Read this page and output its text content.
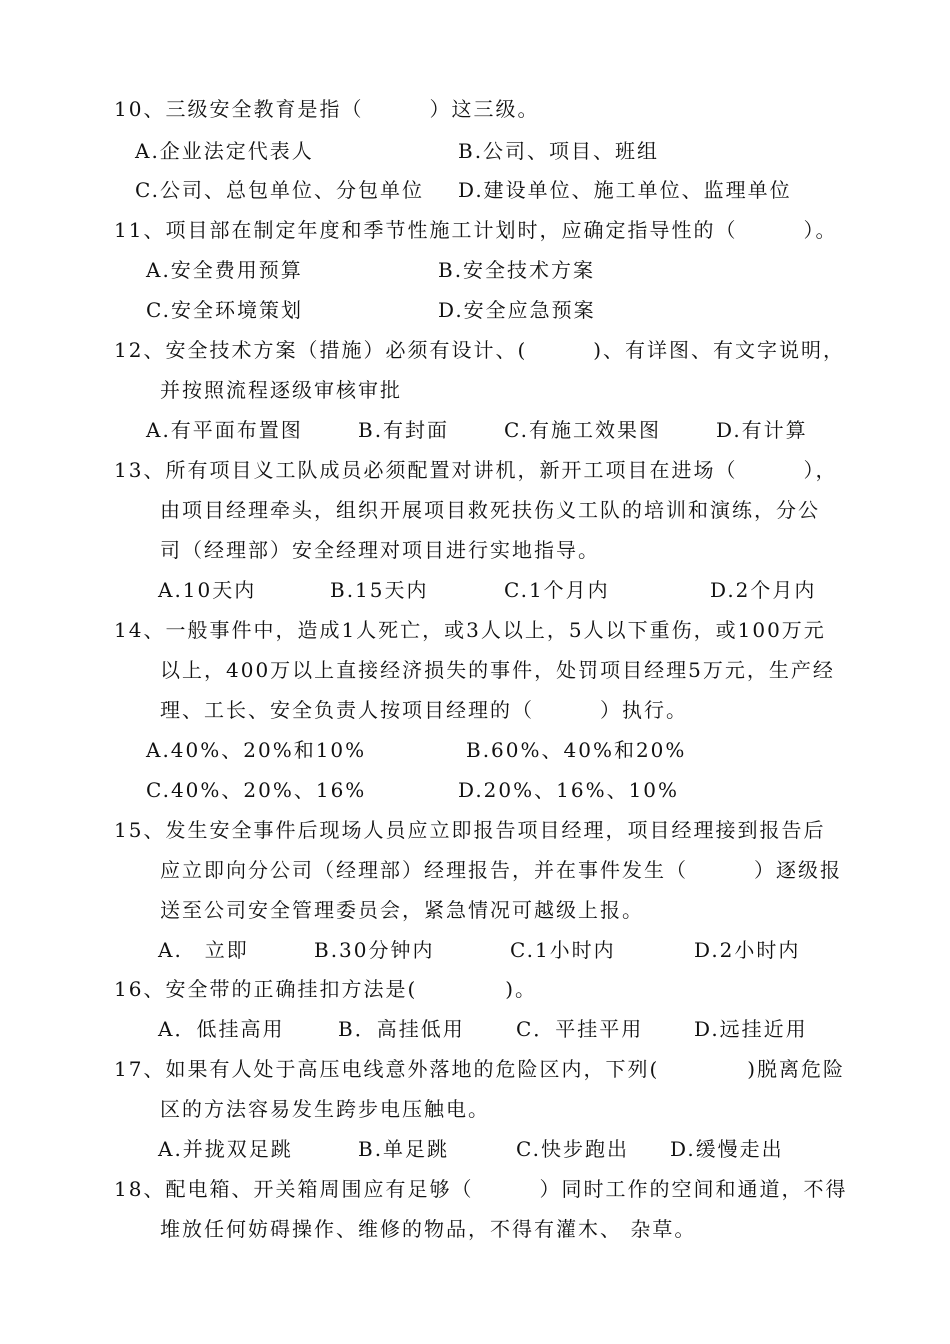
10、三级安全教育是指（　　　）这三级。
A.企业法定代表人	B.公司、项目、班组
C.公司、总包单位、分包单位 D.建设单位、施工单位、监理单位
11、项目部在制定年度和季节性施工计划时，应确定指导性的（　　　）。
A.安全费用预算	B.安全技术方案
C.安全环境策划	D.安全应急预案
12、安全技术方案（措施）必须有设计、(　　　)、有详图、有文字说明，
并按照流程逐级审核审批
A.有平面布置图	B.有封面	C.有施工效果图	D.有计算
13、所有项目义工队成员必须配置对讲机，新开工项目在进场（　　　），
由项目经理牵头，组织开展项目救死扶伤义工队的培训和演练，分公
司（经理部）安全经理对项目进行实地指导。
A.10天内	B.15天内	C.1个月内	D.2个月内
14、一般事件中，造成1人死亡，或3人以上，5人以下重伤，或100万元
以上，400万以上直接经济损失的事件，处罚项目经理5万元，生产经
理、工长、安全负责人按项目经理的（　　　）执行。
A.40%、20%和10%	B.60%、40%和20%
C.40%、20%、16%	D.20%、16%、10%
15、发生安全事件后现场人员应立即报告项目经理，项目经理接到报告后
应立即向分公司（经理部）经理报告，并在事件发生（　　　）逐级报
送至公司安全管理委员会，紧急情况可越级上报。
A.　立即	B.30分钟内	C.1小时内	D.2小时内
16、安全带的正确挂扣方法是(　　　　)。
A．低挂高用	B．高挂低用	C．平挂平用	D.远挂近用
17、如果有人处于高压电线意外落地的危险区内，下列(　　　　)脱离危险
区的方法容易发生跨步电压触电。
A.并拢双足跳	B.单足跳	C.快步跑出 D.缓慢走出
18、配电箱、开关箱周围应有足够（　　　）同时工作的空间和通道，不得
堆放任何妨碍操作、维修的物品，不得有灌木、 杂草。
